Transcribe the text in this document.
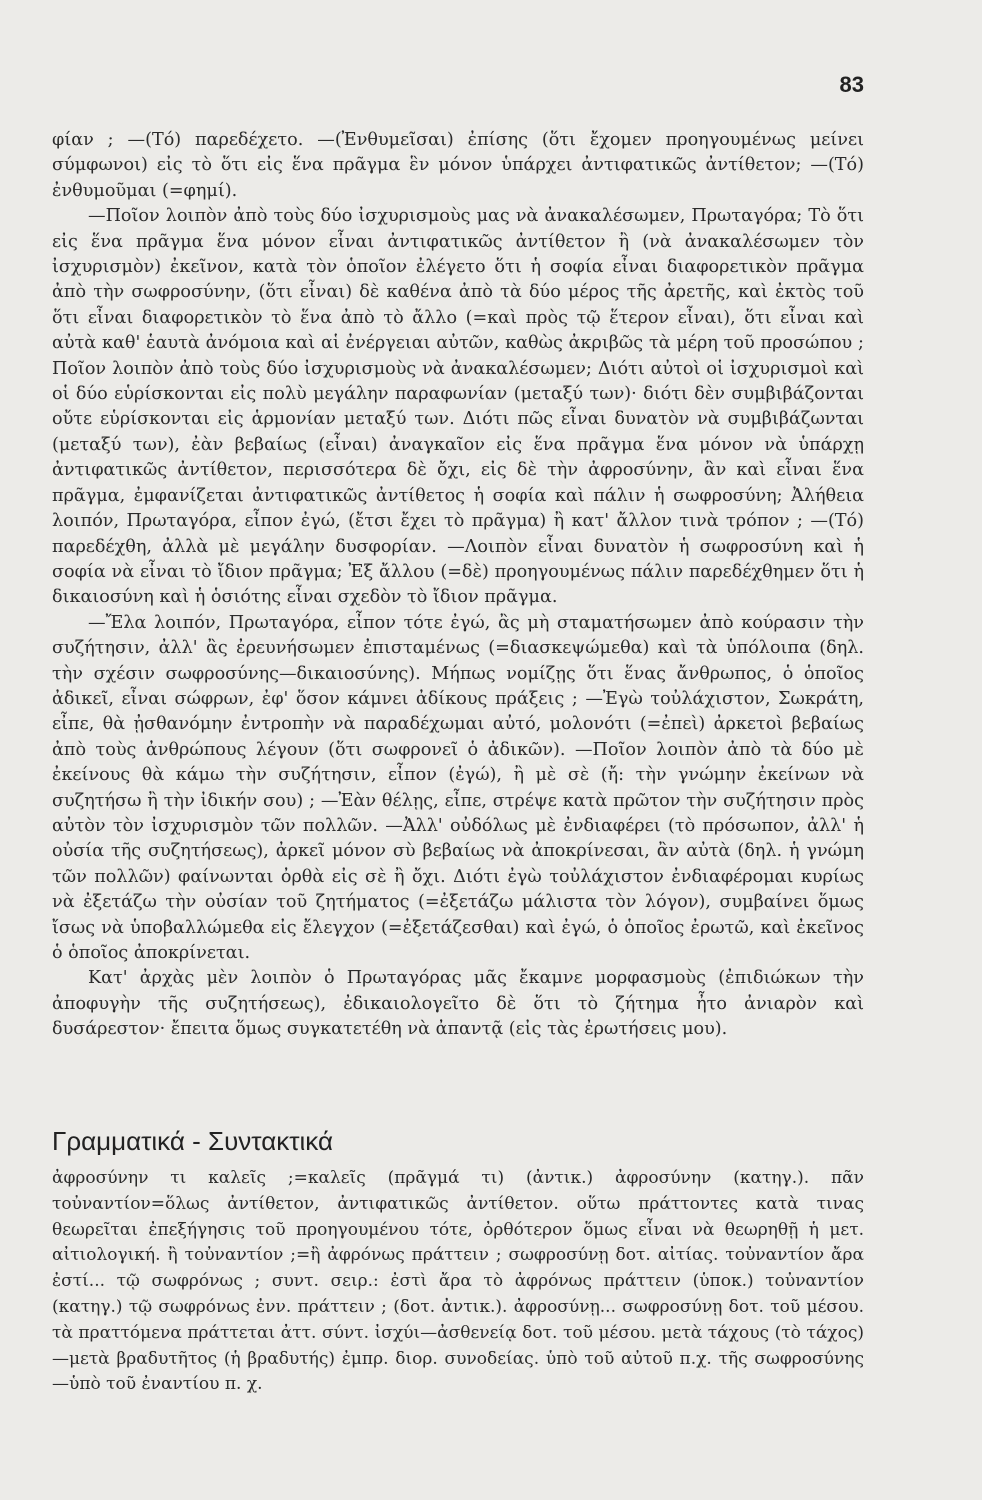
83

φίαν ; —(Τό) παρεδέχετο. —(Ἐνθυμεῖσαι) ἐπίσης (ὅτι ἔχομεν προηγουμένως μείνει σύμφωνοι) εἰς τὸ ὅτι εἰς ἕνα πρᾶγμα ἓν μόνον ὑπάρχει ἀντιφατικῶς ἀντίθετον; —(Τό) ἐνθυμοῦμαι (=φημί).

—Ποῖον λοιπὸν ἀπὸ τοὺς δύο ἰσχυρισμοὺς μας νὰ ἀνακαλέσωμεν, Πρωταγόρα; Τὸ ὅτι εἰς ἕνα πρᾶγμα ἕνα μόνον εἶναι ἀντιφατικῶς ἀντίθετον ἢ (νὰ ἀνακαλέσωμεν τὸν ἰσχυρισμὸν) ἐκεῖνον, κατὰ τὸν ὁποῖον ἐλέγετο ὅτι ἡ σοφία εἶναι διαφορετικὸν πρᾶγμα ἀπὸ τὴν σωφροσύνην, (ὅτι εἶναι) δὲ καθένα ἀπὸ τὰ δύο μέρος τῆς ἀρετῆς, καὶ ἐκτὸς τοῦ ὅτι εἶναι διαφορετικὸν τὸ ἕνα ἀπὸ τὸ ἄλλο (=καὶ πρὸς τῷ ἕτερον εἶναι), ὅτι εἶναι καὶ αὐτὰ καθ' ἑαυτὰ ἀνόμοια καὶ αἱ ἐνέργειαι αὐτῶν, καθὼς ἀκριβῶς τὰ μέρη τοῦ προσώπου ; Ποῖον λοιπὸν ἀπὸ τοὺς δύο ἰσχυρισμοὺς νὰ ἀνακαλέσωμεν; Διότι αὐτοὶ οἱ ἰσχυρισμοὶ καὶ οἱ δύο εὑρίσκονται εἰς πολὺ μεγάλην παραφωνίαν (μεταξύ των)· διότι δὲν συμβιβάζονται οὔτε εὑρίσκονται εἰς ἁρμονίαν μεταξύ των. Διότι πῶς εἶναι δυνατὸν νὰ συμβιβάζωνται (μεταξύ των), ἐὰν βεβαίως (εἶναι) ἀναγκαῖον εἰς ἕνα πρᾶγμα ἕνα μόνον νὰ ὑπάρχῃ ἀντιφατικῶς ἀντίθετον, περισσότερα δὲ ὄχι, εἰς δὲ τὴν ἀφροσύνην, ἂν καὶ εἶναι ἕνα πρᾶγμα, ἐμφανίζεται ἀντιφατικῶς ἀντίθετος ἡ σοφία καὶ πάλιν ἡ σωφροσύνη; Ἀλήθεια λοιπόν, Πρωταγόρα, εἶπον ἐγώ, (ἔτσι ἔχει τὸ πρᾶγμα) ἢ κατ' ἄλλον τινὰ τρόπον ; —(Τό) παρεδέχθη, ἀλλὰ μὲ μεγάλην δυσφορίαν. —Λοιπὸν εἶναι δυνατὸν ἡ σωφροσύνη καὶ ἡ σοφία νὰ εἶναι τὸ ἴδιον πρᾶγμα; Ἐξ ἄλλου (=δὲ) προηγουμένως πάλιν παρεδέχθημεν ὅτι ἡ δικαιοσύνη καὶ ἡ ὁσιότης εἶναι σχεδὸν τὸ ἴδιον πρᾶγμα.

—Ἔλα λοιπόν, Πρωταγόρα, εἶπον τότε ἐγώ, ἂς μὴ σταματήσωμεν ἀπὸ κούρασιν τὴν συζήτησιν, ἀλλ' ἂς ἐρευνήσωμεν ἐπισταμένως (=διασκεψώμεθα) καὶ τὰ ὑπόλοιπα (δηλ. τὴν σχέσιν σωφροσύνης—δικαιοσύνης). Μήπως νομίζῃς ὅτι ἕνας ἄνθρωπος, ὁ ὁποῖος ἀδικεῖ, εἶναι σώφρων, ἐφ' ὅσον κάμνει ἀδίκους πράξεις ; —Ἐγὼ τοὐλάχιστον, Σωκράτη, εἶπε, θὰ ᾐσθανόμην ἐντροπὴν νὰ παραδέχωμαι αὐτό, μολονότι (=ἐπεὶ) ἀρκετοὶ βεβαίως ἀπὸ τοὺς ἀνθρώπους λέγουν (ὅτι σωφρονεῖ ὁ ἀδικῶν). —Ποῖον λοιπὸν ἀπὸ τὰ δύο μὲ ἐκείνους θὰ κάμω τὴν συζήτησιν, εἶπον (ἐγώ), ἢ μὲ σὲ (ἤ: τὴν γνώμην ἐκείνων νὰ συζητήσω ἢ τὴν ἰδικήν σου) ; —Ἐὰν θέλῃς, εἶπε, στρέψε κατὰ πρῶτον τὴν συζήτησιν πρὸς αὐτὸν τὸν ἰσχυρισμὸν τῶν πολλῶν. —Ἀλλ' οὐδόλως μὲ ἐνδιαφέρει (τὸ πρόσωπον, ἀλλ' ἡ οὐσία τῆς συζητήσεως), ἀρκεῖ μόνον σὺ βεβαίως νὰ ἀποκρίνεσαι, ἂν αὐτὰ (δηλ. ἡ γνώμη τῶν πολλῶν) φαίνωνται ὀρθὰ εἰς σὲ ἢ ὄχι. Διότι ἐγὼ τοὐλάχιστον ἐνδιαφέρομαι κυρίως νὰ ἐξετάζω τὴν οὐσίαν τοῦ ζητήματος (=ἐξετάζω μάλιστα τὸν λόγον), συμβαίνει ὅμως ἴσως νὰ ὑποβαλλώμεθα εἰς ἔλεγχον (=ἐξετάζεσθαι) καὶ ἐγώ, ὁ ὁποῖος ἐρωτῶ, καὶ ἐκεῖνος ὁ ὁποῖος ἀποκρίνεται.

Κατ' ἀρχὰς μὲν λοιπὸν ὁ Πρωταγόρας μᾶς ἔκαμνε μορφασμοὺς (ἐπιδιώκων τὴν ἀποφυγὴν τῆς συζητήσεως), ἐδικαιολογεῖτο δὲ ὅτι τὸ ζήτημα ἦτο ἀνιαρὸν καὶ δυσάρεστον· ἔπειτα ὅμως συγκατετέθη νὰ ἀπαντᾷ (εἰς τὰς ἐρωτήσεις μου).

Γραμματικά - Συντακτικά

ἀφροσύνην τι καλεῖς ;=καλεῖς (πρᾶγμά τι) (ἀντικ.) ἀφροσύνην (κατηγ.). πᾶν τοὐναντίον=ὅλως ἀντίθετον, ἀντιφατικῶς ἀντίθετον. οὕτω πράττοντες κατὰ τινας θεωρεῖται ἐπεξήγησις τοῦ προηγουμένου τότε, ὀρθότερον ὅμως εἶναι νὰ θεωρηθῇ ἡ μετ. αἰτιολογική. ἢ τοὐναντίον ;=ἢ ἀφρόνως πράττειν ; σωφροσύνῃ δοτ. αἰτίας. τοὐναντίον ἄρα ἐστί... τῷ σωφρόνως ; συντ. σειρ.: ἐστὶ ἄρα τὸ ἀφρόνως πράττειν (ὑποκ.) τοὐναντίον (κατηγ.) τῷ σωφρόνως ἐνν. πράττειν ; (δοτ. ἀντικ.). ἀφροσύνῃ... σωφροσύνῃ δοτ. τοῦ μέσου. τὰ πραττόμενα πράττεται ἀττ. σύντ. ἰσχύι—ἀσθενείᾳ δοτ. τοῦ μέσου. μετὰ τάχους (τὸ τάχος)—μετὰ βραδυτῆτος (ἡ βραδυτής) ἐμπρ. διορ. συνοδείας. ὑπὸ τοῦ αὐτοῦ π.χ. τῆς σωφροσύνης—ὑπὸ τοῦ ἐναντίου π. χ.
